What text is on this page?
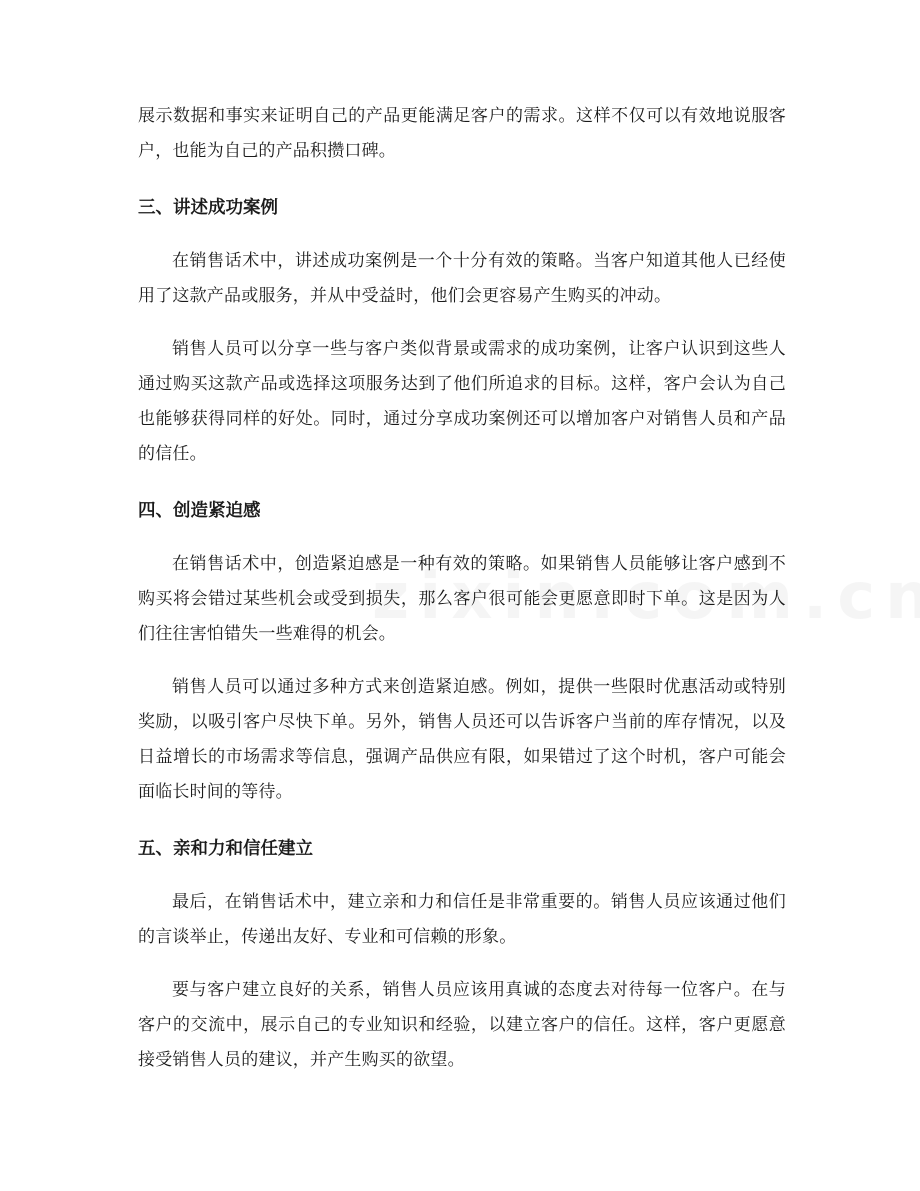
展示数据和事实来证明自己的产品更能满足客户的需求。这样不仅可以有效地说服客户，也能为自己的产品积攒口碑。

三、讲述成功案例

在销售话术中，讲述成功案例是一个十分有效的策略。当客户知道其他人已经使用了这款产品或服务，并从中受益时，他们会更容易产生购买的冲动。

销售人员可以分享一些与客户类似背景或需求的成功案例，让客户认识到这些人通过购买这款产品或选择这项服务达到了他们所追求的目标。这样，客户会认为自己也能够获得同样的好处。同时，通过分享成功案例还可以增加客户对销售人员和产品的信任。

四、创造紧迫感

在销售话术中，创造紧迫感是一种有效的策略。如果销售人员能够让客户感到不购买将会错过某些机会或受到损失，那么客户很可能会更愿意即时下单。这是因为人们往往害怕错失一些难得的机会。

销售人员可以通过多种方式来创造紧迫感。例如，提供一些限时优惠活动或特别奖励，以吸引客户尽快下单。另外，销售人员还可以告诉客户当前的库存情况，以及日益增长的市场需求等信息，强调产品供应有限，如果错过了这个时机，客户可能会面临长时间的等待。

五、亲和力和信任建立

最后，在销售话术中，建立亲和力和信任是非常重要的。销售人员应该通过他们的言谈举止，传递出友好、专业和可信赖的形象。

要与客户建立良好的关系，销售人员应该用真诚的态度去对待每一位客户。在与客户的交流中，展示自己的专业知识和经验，以建立客户的信任。这样，客户更愿意接受销售人员的建议，并产生购买的欲望。
